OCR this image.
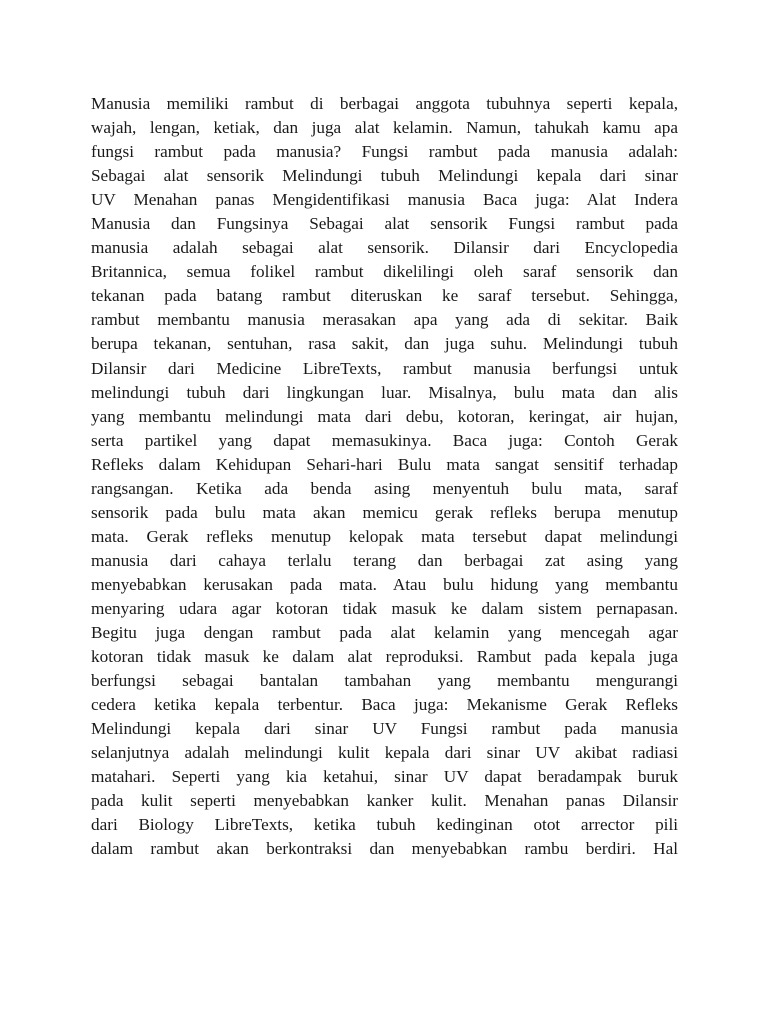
Manusia memiliki rambut di berbagai anggota tubuhnya seperti kepala,
wajah, lengan, ketiak, dan juga alat kelamin. Namun, tahukah kamu apa
fungsi rambut pada manusia? Fungsi rambut pada manusia adalah:
Sebagai alat sensorik Melindungi tubuh Melindungi kepala dari sinar
UV Menahan panas Mengidentifikasi manusia Baca juga: Alat Indera
Manusia dan Fungsinya Sebagai alat sensorik Fungsi rambut pada
manusia adalah sebagai alat sensorik. Dilansir dari Encyclopedia
Britannica, semua folikel rambut dikelilingi oleh saraf sensorik dan
tekanan pada batang rambut diteruskan ke saraf tersebut. Sehingga,
rambut membantu manusia merasakan apa yang ada di sekitar. Baik
berupa tekanan, sentuhan, rasa sakit, dan juga suhu. Melindungi tubuh
Dilansir dari Medicine LibreTexts, rambut manusia berfungsi untuk
melindungi tubuh dari lingkungan luar. Misalnya, bulu mata dan alis
yang membantu melindungi mata dari debu, kotoran, keringat, air hujan,
serta partikel yang dapat memasukinya. Baca juga: Contoh Gerak
Refleks dalam Kehidupan Sehari-hari Bulu mata sangat sensitif terhadap
rangsangan. Ketika ada benda asing menyentuh bulu mata, saraf
sensorik pada bulu mata akan memicu gerak refleks berupa menutup
mata. Gerak refleks menutup kelopak mata tersebut dapat melindungi
manusia dari cahaya terlalu terang dan berbagai zat asing yang
menyebabkan kerusakan pada mata. Atau bulu hidung yang membantu
menyaring udara agar kotoran tidak masuk ke dalam sistem pernapasan.
Begitu juga dengan rambut pada alat kelamin yang mencegah agar
kotoran tidak masuk ke dalam alat reproduksi. Rambut pada kepala juga
berfungsi sebagai bantalan tambahan yang membantu mengurangi
cedera ketika kepala terbentur. Baca juga: Mekanisme Gerak Refleks
Melindungi kepala dari sinar UV Fungsi rambut pada manusia
selanjutnya adalah melindungi kulit kepala dari sinar UV akibat radiasi
matahari. Seperti yang kia ketahui, sinar UV dapat beradampak buruk
pada kulit seperti menyebabkan kanker kulit. Menahan panas Dilansir
dari Biology LibreTexts, ketika tubuh kedinginan otot arrector pili
dalam rambut akan berkontraksi dan menyebabkan rambu berdiri. Hal
